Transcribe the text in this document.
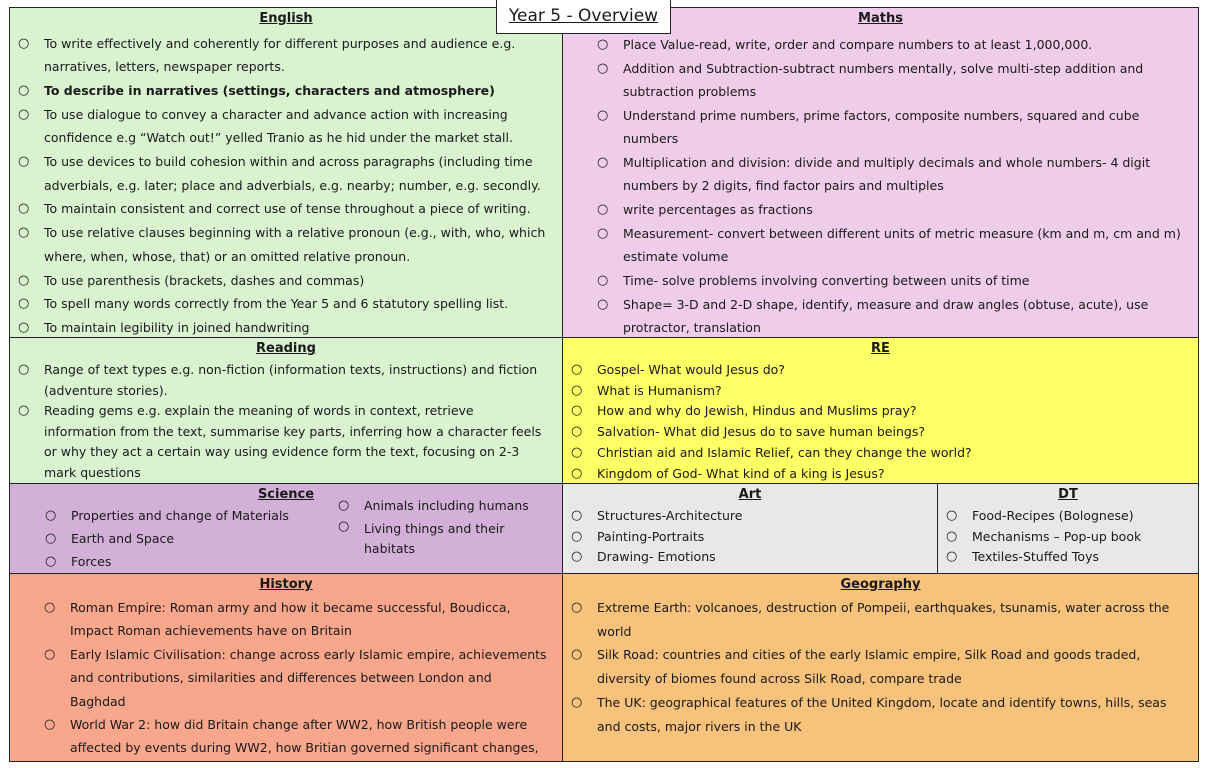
Year 5 - Overview
English
○ To write effectively and coherently for different purposes and audience e.g. narratives, letters, newspaper reports.
○ To describe in narratives (settings, characters and atmosphere)
○ To use dialogue to convey a character and advance action with increasing confidence e.g “Watch out!” yelled Tranio as he hid under the market stall.
○ To use devices to build cohesion within and across paragraphs (including time adverbials, e.g. later; place and adverbials, e.g. nearby; number, e.g. secondly.
○ To maintain consistent and correct use of tense throughout a piece of writing.
○ To use relative clauses beginning with a relative pronoun (e.g., with, who, which where, when, whose, that) or an omitted relative pronoun.
○ To use parenthesis (brackets, dashes and commas)
○ To spell many words correctly from the Year 5 and 6 statutory spelling list.
○ To maintain legibility in joined handwriting
Maths
○ Place Value-read, write, order and compare numbers to at least 1,000,000.
○ Addition and Subtraction-subtract numbers mentally, solve multi-step addition and subtraction problems
○ Understand prime numbers, prime factors, composite numbers, squared and cube numbers
○ Multiplication and division: divide and multiply decimals and whole numbers- 4 digit numbers by 2 digits, find factor pairs and multiples
○ write percentages as fractions
○ Measurement- convert between different units of metric measure (km and m, cm and m) estimate volume
○ Time- solve problems involving converting between units of time
○ Shape= 3-D and 2-D shape, identify, measure and draw angles (obtuse, acute), use protractor, translation
Reading
○ Range of text types e.g. non-fiction (information texts, instructions) and fiction (adventure stories).
○ Reading gems e.g. explain the meaning of words in context, retrieve information from the text, summarise key parts, inferring how a character feels or why they act a certain way using evidence form the text, focusing on 2-3 mark questions
○
RE
○ Gospel- What would Jesus do?
○ What is Humanism?
○ How and why do Jewish, Hindus and Muslims pray?
○ Salvation- What did Jesus do to save human beings?
○ Christian aid and Islamic Relief, can they change the world?
○ Kingdom of God- What kind of a king is Jesus?
Science
○ Properties and change of Materials
○ Earth and Space
○ Forces
○ Animals including humans
○ Living things and their habitats
Art
○ Structures-Architecture
○ Painting-Portraits
○ Drawing- Emotions
DT
○ Food-Recipes (Bolognese)
○ Mechanisms – Pop-up book
○ Textiles-Stuffed Toys
History
○ Roman Empire: Roman army and how it became successful, Boudicca, Impact Roman achievements have on Britain
○ Early Islamic Civilisation: change across early Islamic empire, achievements and contributions, similarities and differences between London and Baghdad
○ World War 2: how did Britain change after WW2, how British people were affected by events during WW2, how Britian governed significant changes,
Geography
○ Extreme Earth: volcanoes, destruction of Pompeii, earthquakes, tsunamis, water across the world
○ Silk Road: countries and cities of the early Islamic empire, Silk Road and goods traded, diversity of biomes found across Silk Road, compare trade
○ The UK: geographical features of the United Kingdom, locate and identify towns, hills, seas and costs, major rivers in the UK
